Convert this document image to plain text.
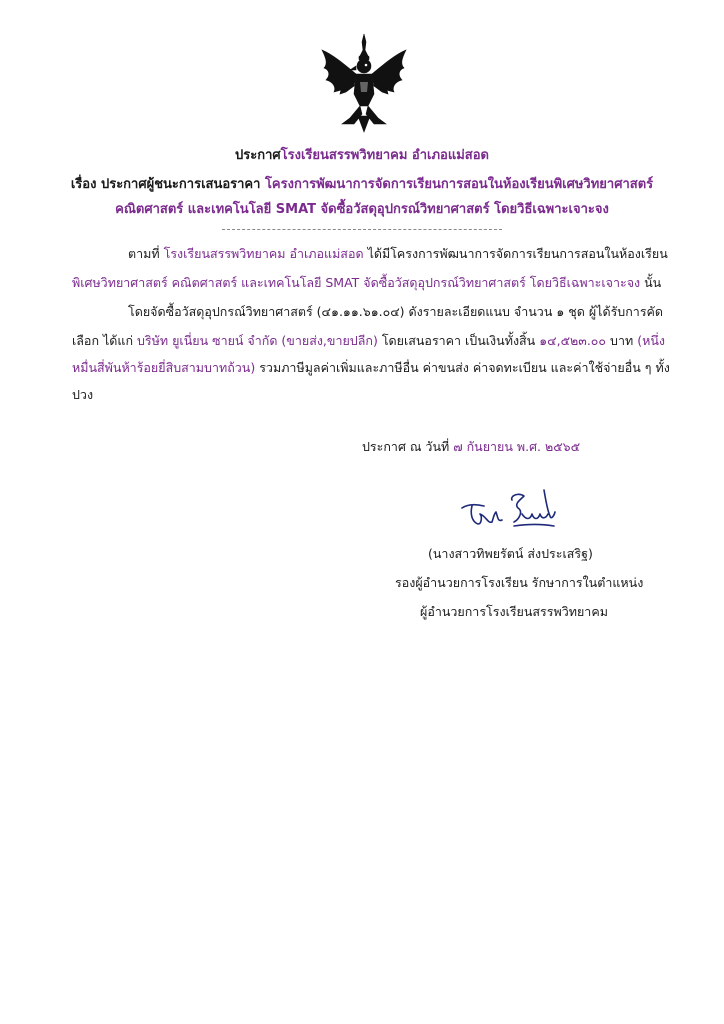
ประกาศโรงเรียนสรรพวิทยาคม อำเภอแม่สอด
เรื่อง ประกาศผู้ชนะการเสนอราคา โครงการพัฒนาการจัดการเรียนการสอนในห้องเรียนพิเศษวิทยาศาสตร์
คณิตศาสตร์ และเทคโนโลยี SMAT จัดซื้อวัสดุอุปกรณ์วิทยาศาสตร์ โดยวิธีเฉพาะเจาะจง
ตามที่ โรงเรียนสรรพวิทยาคม อำเภอแม่สอด ได้มีโครงการพัฒนาการจัดการเรียนการสอนในห้องเรียน
พิเศษวิทยาศาสตร์ คณิตศาสตร์ และเทคโนโลยี SMAT จัดซื้อวัสดุอุปกรณ์วิทยาศาสตร์ โดยวิธีเฉพาะเจาะจง นั้น
โดยจัดซื้อวัสดุอุปกรณ์วิทยาศาสตร์ (๔๑.๑๑.๖๑.๐๔) ดังรายละเอียดแนบ จำนวน ๑ ชุด ผู้ได้รับการคัด
เลือก ได้แก่ บริษัท ยูเนี่ยน ซายน์ จำกัด (ขายส่ง,ขายปลีก) โดยเสนอราคา เป็นเงินทั้งสิ้น ๑๔,๕๒๓.๐๐ บาท (หนึ่ง
หมื่นสี่พันห้าร้อยยี่สิบสามบาทถ้วน) รวมภาษีมูลค่าเพิ่มและภาษีอื่น ค่าขนส่ง ค่าจดทะเบียน และค่าใช้จ่ายอื่น ๆ ทั้ง
ปวง
ประกาศ ณ วันที่ ๗ กันยายน พ.ศ. ๒๕๖๕
(นางสาวทิพยรัตน์ ส่งประเสริฐ)
รองผู้อำนวยการโรงเรียน รักษาการในตำแหน่ง
ผู้อำนวยการโรงเรียนสรรพวิทยาคม
